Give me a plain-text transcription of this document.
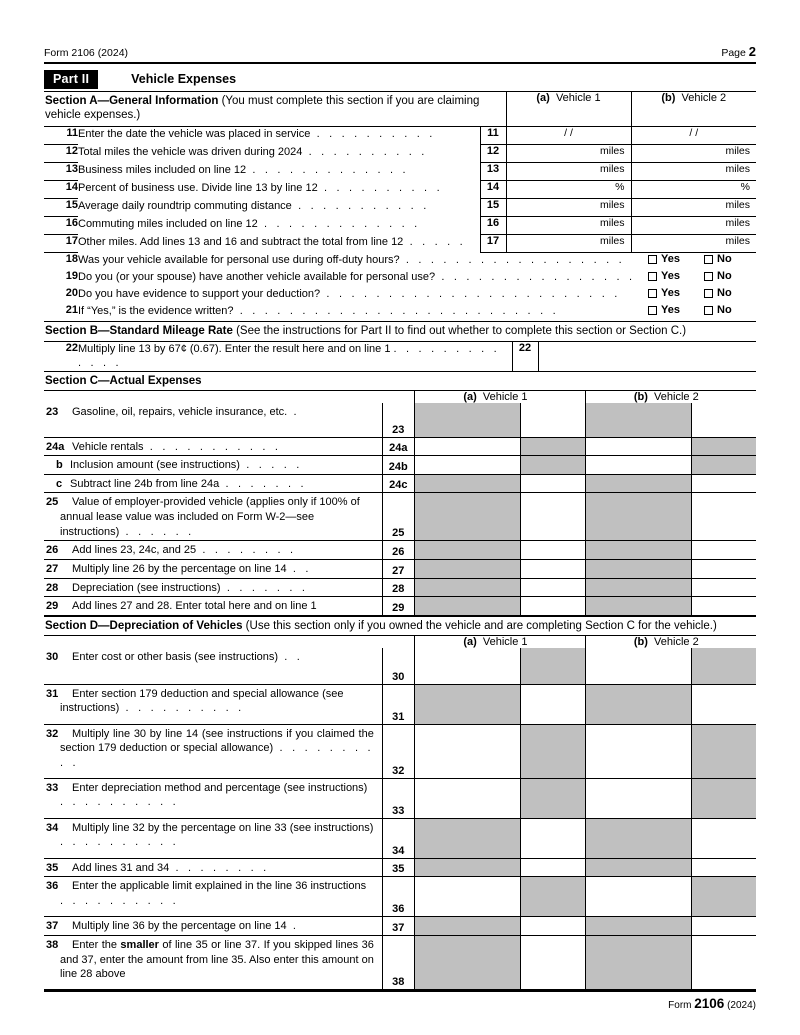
Form 2106 (2024)	Page 2
Part II	Vehicle Expenses
Section A—General Information (You must complete this section if you are claiming vehicle expenses.)	(a) Vehicle 1	(b) Vehicle 2
11	Enter the date the vehicle was placed in service . . . . . . . . . .	11	/ /	/ /
12	Total miles the vehicle was driven during 2024 . . . . . . . . . .	12	miles	miles
13	Business miles included on line 12 . . . . . . . . . . . . .	13	miles	miles
14	Percent of business use. Divide line 13 by line 12 . . . . . . . . . .	14	%	%
15	Average daily roundtrip commuting distance . . . . . . . . . . .	15	miles	miles
16	Commuting miles included on line 12 . . . . . . . . . . . . .	16	miles	miles
17	Other miles. Add lines 13 and 16 and subtract the total from line 12 . . . . .	17	miles	miles
18	Was your vehicle available for personal use during off-duty hours? . . . . . . . . . . . . . . . . . .	Yes	No

19	Do you (or your spouse) have another vehicle available for personal use? . . . . . . . . . . . . . . . .	Yes	No

20	Do you have evidence to support your deduction? . . . . . . . . . . . . . . . . . . . . . . . .	Yes	No

21	If “Yes,” is the evidence written? . . . . . . . . . . . . . . . . . . . . . . . . . .	Yes	No
Section B—Standard Mileage Rate (See the instructions for Part II to find out whether to complete this section or Section C.)
22	Multiply line 13 by 67¢ (0.67). Enter the result here and on line 1 . . . . . . . . . . . . .	22	
Section C—Actual Expenses
		(a) Vehicle 1		(b) Vehicle 2	
23 Gasoline, oil, repairs, vehicle insurance, etc. .	23				
24a Vehicle rentals . . . . . . . . . . .	24a				
b Inclusion amount (see instructions) . . . . .	24b				
c Subtract line 24b from line 24a . . . . . . .	24c				
25 Value of employer-provided vehicle (applies only if 100% of annual lease value was included on Form W-2—see instructions) . . . . . .	25				
26 Add lines 23, 24c, and 25 . . . . . . . .	26				
27 Multiply line 26 by the percentage on line 14 . .	27				
28 Depreciation (see instructions) . . . . . . .	28				
29 Add lines 27 and 28. Enter total here and on line 1	29				
Section D—Depreciation of Vehicles (Use this section only if you owned the vehicle and are completing Section C for the vehicle.)
		(a) Vehicle 1		(b) Vehicle 2	
30 Enter cost or other basis (see instructions) . .	30				
31 Enter section 179 deduction and special allowance (see instructions) . . . . . . . . . .	31				
32 Multiply line 30 by line 14 (see instructions if you claimed the section 179 deduction or special allowance) . . . . . . . . . .	32				
33 Enter depreciation method and percentage (see instructions) . . . . . . . . . .	33				
34 Multiply line 32 by the percentage on line 33 (see instructions) . . . . . . . . . .	34				
35 Add lines 31 and 34 . . . . . . . .	35				
36 Enter the applicable limit explained in the line 36 instructions . . . . . . . . . .	36				
37 Multiply line 36 by the percentage on line 14 .	37				
38 Enter the smaller of line 35 or line 37. If you skipped lines 36 and 37, enter the amount from line 35. Also enter this amount on line 28 above	38				
Form 2106 (2024)
